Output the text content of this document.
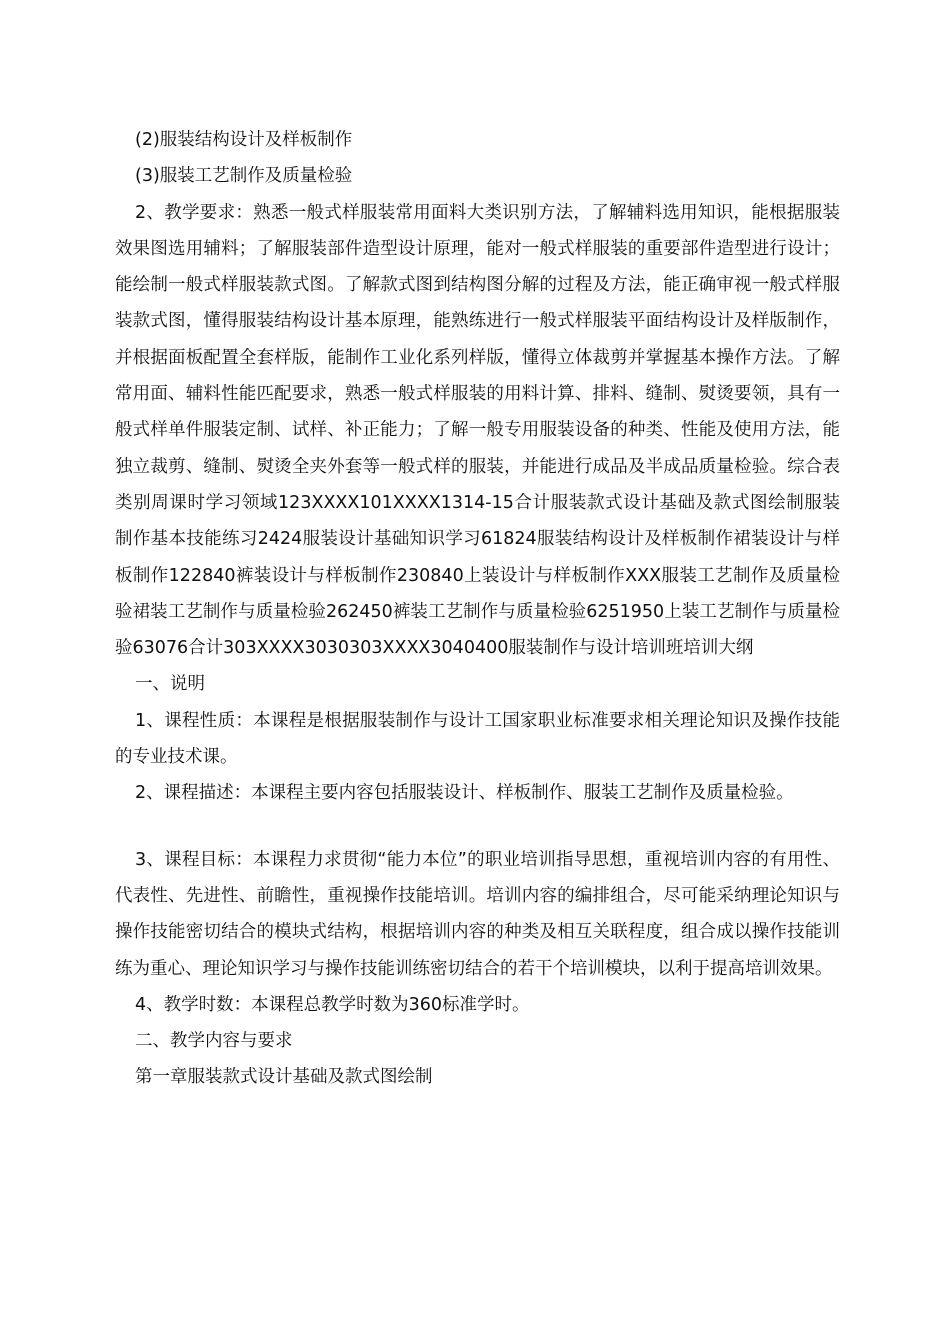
(2)服装结构设计及样板制作

(3)服装工艺制作及质量检验

2、教学要求：熟悉一般式样服装常用面料大类识别方法，了解辅料选用知识，能根据服装效果图选用辅料；了解服装部件造型设计原理，能对一般式样服装的重要部件造型进行设计；能绘制一般式样服装款式图。了解款式图到结构图分解的过程及方法，能正确审视一般式样服装款式图，懂得服装结构设计基本原理，能熟练进行一般式样服装平面结构设计及样版制作，并根据面板配置全套样版，能制作工业化系列样版，懂得立体裁剪并掌握基本操作方法。了解常用面、辅料性能匹配要求，熟悉一般式样服装的用料计算、排料、缝制、熨烫要领，具有一般式样单件服装定制、试样、补正能力；了解一般专用服装设备的种类、性能及使用方法，能独立裁剪、缝制、熨烫全夹外套等一般式样的服装，并能进行成品及半成品质量检验。综合表类别周课时学习领域123XXXX101XXXX1314-15合计服装款式设计基础及款式图绘制服装制作基本技能练习2424服装设计基础知识学习61824服装结构设计及样板制作裙装设计与样板制作122840裤装设计与样板制作230840上装设计与样板制作XXX服装工艺制作及质量检验裙装工艺制作与质量检验262450裤装工艺制作与质量检验6251950上装工艺制作与质量检验63076合计303XXXX3030303XXXX3040400服装制作与设计培训班培训大纲

一、说明

1、课程性质：本课程是根据服装制作与设计工国家职业标准要求相关理论知识及操作技能的专业技术课。

2、课程描述：本课程主要内容包括服装设计、样板制作、服装工艺制作及质量检验。

3、课程目标：本课程力求贯彻“能力本位”的职业培训指导思想，重视培训内容的有用性、代表性、先进性、前瞻性，重视操作技能培训。培训内容的编排组合，尽可能采纳理论知识与操作技能密切结合的模块式结构，根据培训内容的种类及相互关联程度，组合成以操作技能训练为重心、理论知识学习与操作技能训练密切结合的若干个培训模块，以利于提高培训效果。

4、教学时数：本课程总教学时数为360标准学时。

二、教学内容与要求

第一章服装款式设计基础及款式图绘制
